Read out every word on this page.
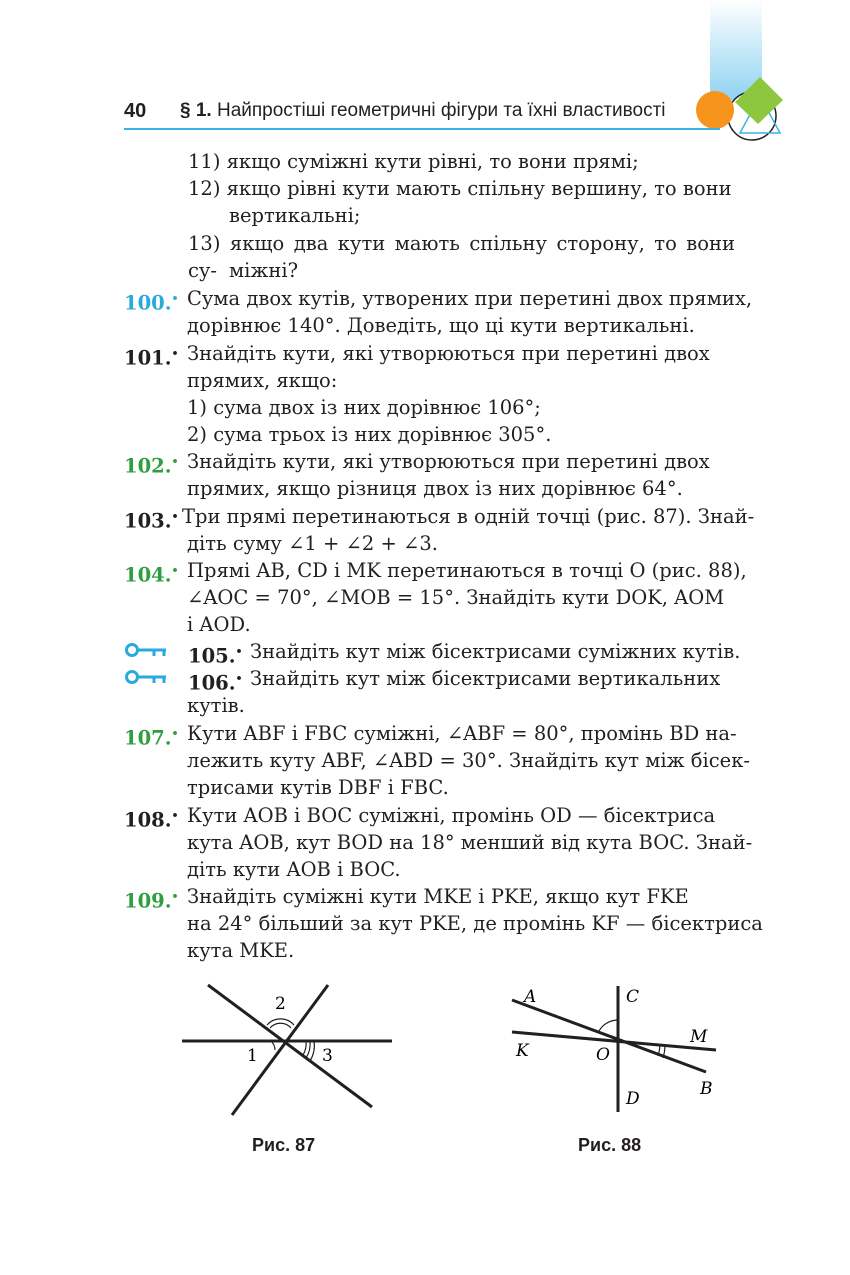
40 § 1. Найпростіші геометричні фігури та їхні властивості
11) якщо суміжні кути рівні, то вони прямі;
12) якщо рівні кути мають спільну вершину, то вони
вертикальні;
13) якщо два кути мають спільну сторону, то вони су- міжні?
100.• Сума двох кутів, утворених при перетині двох прямих,
дорівнює 140°. Доведіть, що ці кути вертикальні.
101.• Знайдіть кути, які утворюються при перетині двох
прямих, якщо:
1) сума двох із них дорівнює 106°;
2) сума трьох із них дорівнює 305°.
102.• Знайдіть кути, які утворюються при перетині двох
прямих, якщо різниця двох із них дорівнює 64°.
103.• Три прямі перетинаються в одній точці (рис. 87). Знай-
діть суму ∠1 + ∠2 + ∠3.
104.• Прямі AB, CD і MK перетинаються в точці O (рис. 88),
∠AOC = 70°, ∠MOB = 15°. Знайдіть кути DOK, AOM
і AOD.
105.• Знайдіть кут між бісектрисами суміжних кутів.
106.• Знайдіть кут між бісектрисами вертикальних
кутів.
107.• Кути ABF і FBC суміжні, ∠ABF = 80°, промінь BD на-
лежить куту ABF, ∠ABD = 30°. Знайдіть кут між бісек-
трисами кутів DBF і FBC.
108.• Кути AOB і BOC суміжні, промінь OD — бісектриса
кута AOB, кут BOD на 18° менший від кута BOC. Знай-
діть кути AOB і BOC.
109.• Знайдіть суміжні кути MKE і PKE, якщо кут FKE
на 24° більший за кут PKE, де промінь KF — бісектриса
кута MKE.
2
1	3
Рис. 87
A	C
M
K	O
B
D
Рис. 88
